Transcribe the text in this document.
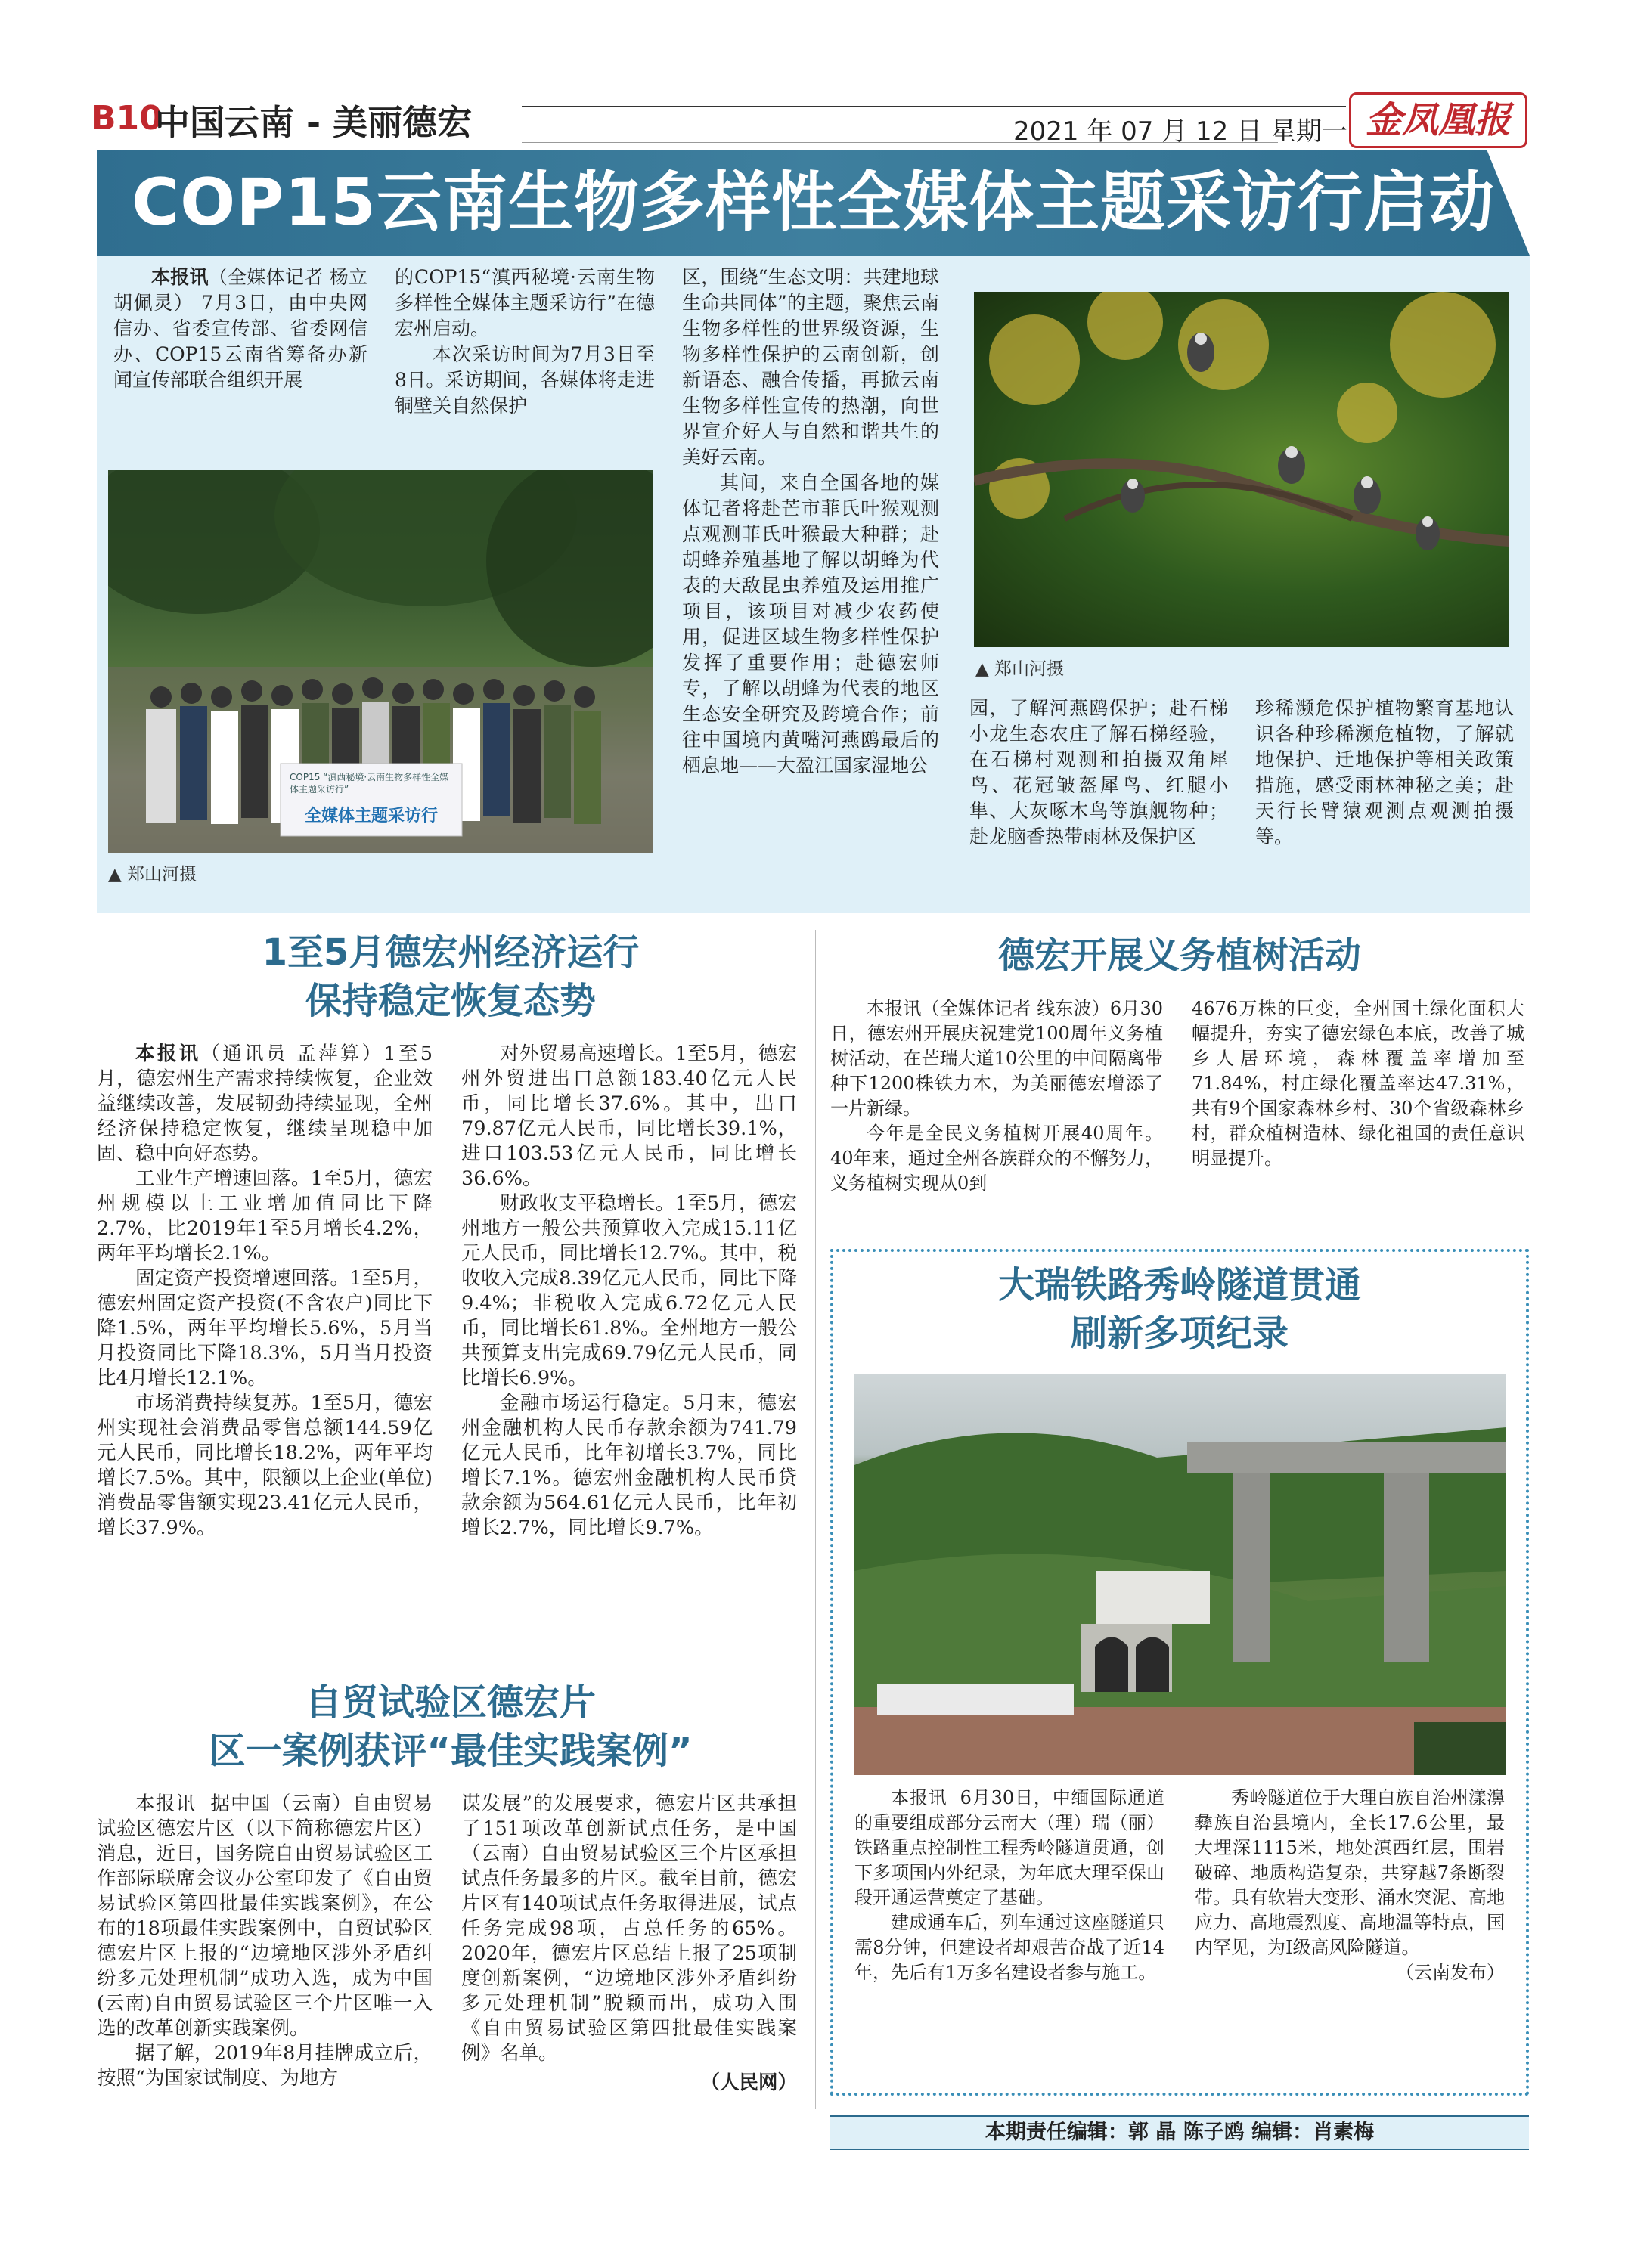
B10
中国云南 - 美丽德宏	2021 年 07 月 12 日 星期一 金凤凰报
COP15云南生物多样性全媒体主题采访行启动

本报讯（全媒体记者 杨立 胡佩灵） 7月3日，由中央网信办、省委宣传部、省委网信办、COP15云南省筹备办新闻宣传部联合组织开展

的COP15“滇西秘境·云南生物多样性全媒体主题采访行”在德宏州启动。

本次采访时间为7月3日至8日。采访期间，各媒体将走进铜壁关自然保护

COP15 “滇西秘境·云南生物多样性全媒体主题采访行”
全媒体主题采访行
▲ 郑山河摄

区，围绕“生态文明：共建地球生命共同体”的主题，聚焦云南生物多样性的世界级资源，生物多样性保护的云南创新，创新语态、融合传播，再掀云南生物多样性宣传的热潮，向世界宣介好人与自然和谐共生的美好云南。

其间，来自全国各地的媒体记者将赴芒市菲氏叶猴观测点观测菲氏叶猴最大种群；赴胡蜂养殖基地了解以胡蜂为代表的天敌昆虫养殖及运用推广项目，该项目对减少农药使用，促进区域生物多样性保护发挥了重要作用；赴德宏师专，了解以胡蜂为代表的地区生态安全研究及跨境合作；前往中国境内黄嘴河燕鸥最后的栖息地——大盈江国家湿地公

▲ 郑山河摄

园，了解河燕鸥保护；赴石梯小龙生态农庄了解石梯经验，在石梯村观测和拍摄双角犀鸟、花冠皱盔犀鸟、红腿小隼、大灰啄木鸟等旗舰物种；赴龙脑香热带雨林及保护区

珍稀濒危保护植物繁育基地认识各种珍稀濒危植物，了解就地保护、迁地保护等相关政策措施，感受雨林神秘之美；赴天行长臂猿观测点观测拍摄等。

1至5月德宏州经济运行
保持稳定恢复态势

本报讯（通讯员 孟萍算）1至5月，德宏州生产需求持续恢复，企业效益继续改善，发展韧劲持续显现，全州经济保持稳定恢复，继续呈现稳中加固、稳中向好态势。

工业生产增速回落。1至5月，德宏州规模以上工业增加值同比下降2.7%，比2019年1至5月增长4.2%，两年平均增长2.1%。

固定资产投资增速回落。1至5月，德宏州固定资产投资(不含农户)同比下降1.5%，两年平均增长5.6%，5月当月投资同比下降18.3%，5月当月投资比4月增长12.1%。

市场消费持续复苏。1至5月，德宏州实现社会消费品零售总额144.59亿元人民币，同比增长18.2%，两年平均增长7.5%。其中，限额以上企业(单位)消费品零售额实现23.41亿元人民币，增长37.9%。

对外贸易高速增长。1至5月，德宏州外贸进出口总额183.40亿元人民币，同比增长37.6%。其中，出口79.87亿元人民币，同比增长39.1%，进口103.53亿元人民币，同比增长36.6%。

财政收支平稳增长。1至5月，德宏州地方一般公共预算收入完成15.11亿元人民币，同比增长12.7%。其中，税收收入完成8.39亿元人民币，同比下降9.4%；非税收入完成6.72亿元人民币，同比增长61.8%。全州地方一般公共预算支出完成69.79亿元人民币，同比增长6.9%。

金融市场运行稳定。5月末，德宏州金融机构人民币存款余额为741.79亿元人民币，比年初增长3.7%，同比增长7.1%。德宏州金融机构人民币贷款余额为564.61亿元人民币，比年初增长2.7%，同比增长9.7%。

自贸试验区德宏片
区一案例获评“最佳实践案例”

本报讯 据中国（云南）自由贸易试验区德宏片区（以下简称德宏片区）消息，近日，国务院自由贸易试验区工作部际联席会议办公室印发了《自由贸易试验区第四批最佳实践案例》，在公布的18项最佳实践案例中，自贸试验区德宏片区上报的“边境地区涉外矛盾纠纷多元处理机制”成功入选，成为中国(云南)自由贸易试验区三个片区唯一入选的改革创新实践案例。

据了解，2019年8月挂牌成立后，按照“为国家试制度、为地方

谋发展”的发展要求，德宏片区共承担了151项改革创新试点任务，是中国（云南）自由贸易试验区三个片区承担试点任务最多的片区。截至目前，德宏片区有140项试点任务取得进展，试点任务完成98项，占总任务的65%。2020年，德宏片区总结上报了25项制度创新案例，“边境地区涉外矛盾纠纷多元处理机制”脱颖而出，成功入围《自由贸易试验区第四批最佳实践案例》名单。

（人民网）

德宏开展义务植树活动

本报讯（全媒体记者 线东波）6月30日，德宏州开展庆祝建党100周年义务植树活动，在芒瑞大道10公里的中间隔离带种下1200株铁力木，为美丽德宏增添了一片新绿。

今年是全民义务植树开展40周年。40年来，通过全州各族群众的不懈努力，义务植树实现从0到

4676万株的巨变，全州国土绿化面积大幅提升，夯实了德宏绿色本底，改善了城乡人居环境，森林覆盖率增加至71.84%，村庄绿化覆盖率达47.31%，共有9个国家森林乡村、30个省级森林乡村，群众植树造林、绿化祖国的责任意识明显提升。

大瑞铁路秀岭隧道贯通
刷新多项纪录

本报讯 6月30日，中缅国际通道的重要组成部分云南大（理）瑞（丽）铁路重点控制性工程秀岭隧道贯通，创下多项国内外纪录，为年底大理至保山段开通运营奠定了基础。

建成通车后，列车通过这座隧道只需8分钟，但建设者却艰苦奋战了近14年，先后有1万多名建设者参与施工。

秀岭隧道位于大理白族自治州漾濞彝族自治县境内，全长17.6公里，最大埋深1115米，地处滇西红层，围岩破碎、地质构造复杂，共穿越7条断裂带。具有软岩大变形、涌水突泥、高地应力、高地震烈度、高地温等特点，国内罕见，为Ⅰ级高风险隧道。

（云南发布）

本期责任编辑：郭 晶 陈子鸥 编辑：肖素梅
